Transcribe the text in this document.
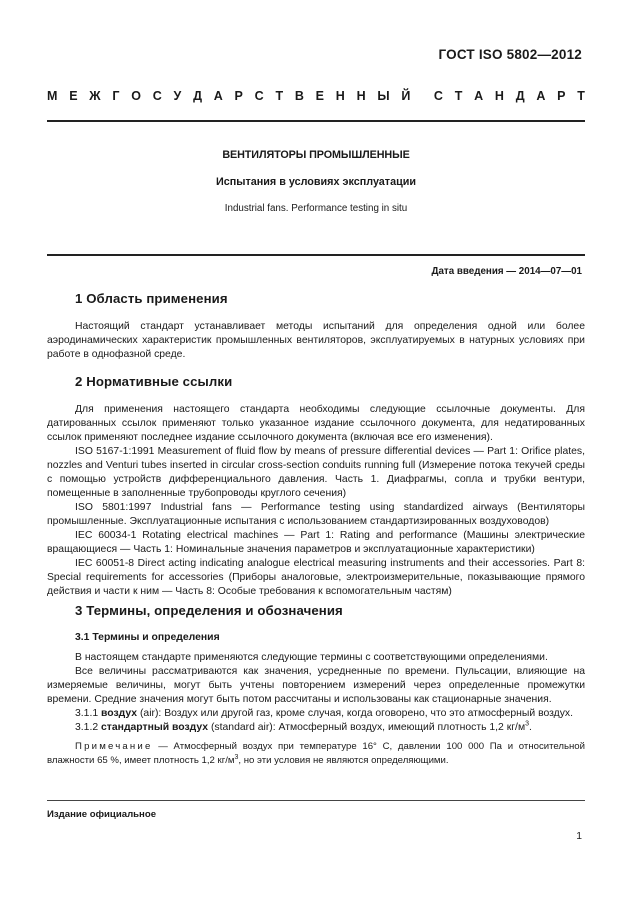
ГОСТ ISO 5802—2012
М Е Ж Г О С У Д А Р С Т В Е Н Н Ы Й С Т А Н Д А Р Т
ВЕНТИЛЯТОРЫ ПРОМЫШЛЕННЫЕ
Испытания в условиях эксплуатации
Industrial fans. Performance testing in situ
Дата введения — 2014—07—01
1 Область применения

Настоящий стандарт устанавливает методы испытаний для определения одной или более аэродинамических характеристик промышленных вентиляторов, эксплуатируемых в натурных условиях при работе в однофазной среде.

2 Нормативные ссылки

Для применения настоящего стандарта необходимы следующие ссылочные документы. Для датированных ссылок применяют только указанное издание ссылочного документа, для недатированных ссылок применяют последнее издание ссылочного документа (включая все его изменения).

ISO 5167-1:1991 Measurement of fluid flow by means of pressure differential devices — Part 1: Orifice plates, nozzles and Venturi tubes inserted in circular cross-section conduits running full (Измерение потока текучей среды с помощью устройств дифференциального давления. Часть 1. Диафрагмы, сопла и трубки вентури, помещенные в заполненные трубопроводы круглого сечения)

ISO 5801:1997 Industrial fans — Performance testing using standardized airways (Вентиляторы промышленные. Эксплуатационные испытания с использованием стандартизированных воздуховодов)

IEC 60034-1 Rotating electrical machines — Part 1: Rating and performance (Машины электрические вращающиеся — Часть 1: Номинальные значения параметров и эксплуатационные характеристики)

IEC 60051-8 Direct acting indicating analogue electrical measuring instruments and their accessories. Part 8: Special requirements for accessories (Приборы аналоговые, электроизмерительные, показывающие прямого действия и части к ним — Часть 8: Особые требования к вспомогательным частям)

3 Термины, определения и обозначения
3.1 Термины и определения

В настоящем стандарте применяются следующие термины с соответствующими определениями.

Все величины рассматриваются как значения, усредненные по времени. Пульсации, влияющие на измеряемые величины, могут быть учтены повторением измерений через определенные промежутки времени. Средние значения могут быть потом рассчитаны и использованы как стационарные значения.

3.1.1 воздух (air): Воздух или другой газ, кроме случая, когда оговорено, что это атмосферный воздух.

3.1.2 стандартный воздух (standard air): Атмосферный воздух, имеющий плотность 1,2 $кг/м^3$.

Примечание — Атмосферный воздух при температуре 16° С, давлении 100 000 Па и относительной влажности 65 %, имеет плотность 1,2 $кг/м^3$, но эти условия не являются определяющими.

Издание официальное
1
